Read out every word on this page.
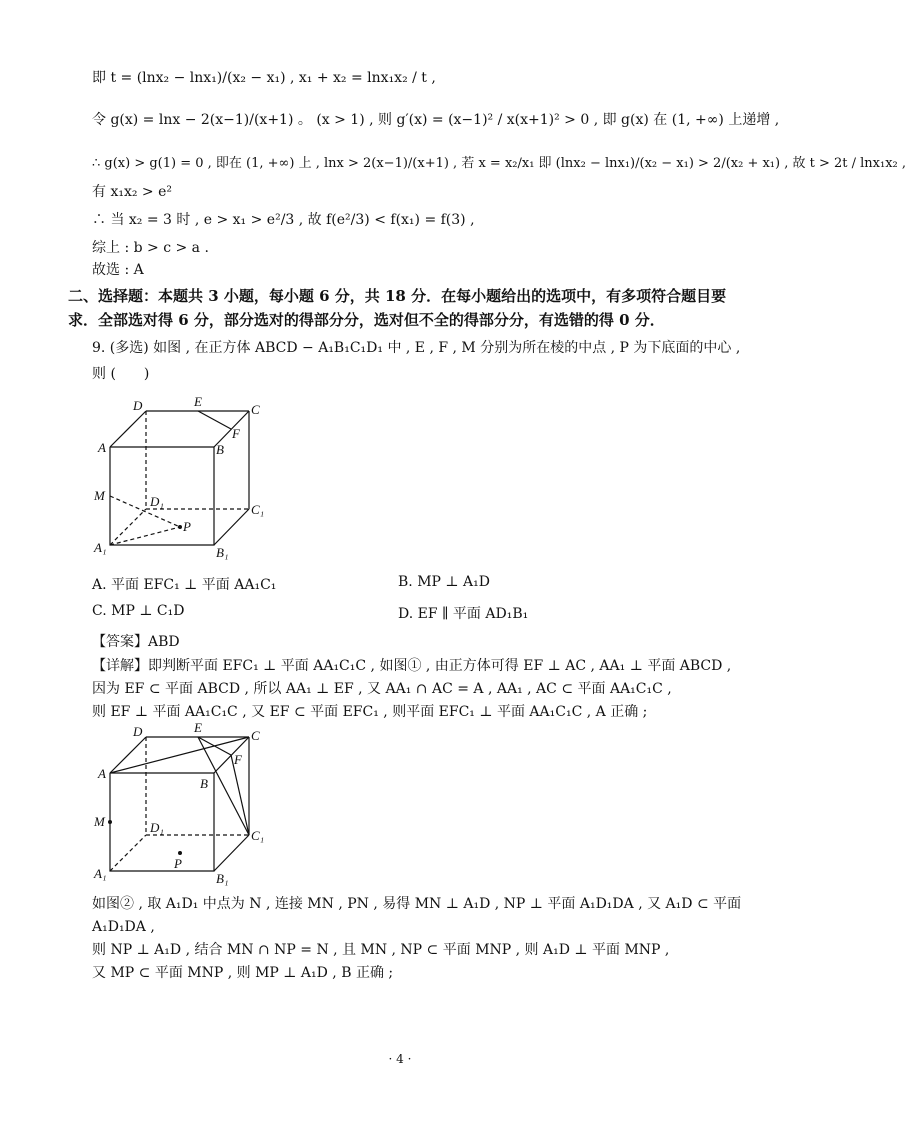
即 t = (lnx₂ − lnx₁)/(x₂ − x₁) , x₁ + x₂ = lnx₁x₂ / t ,
令 g(x) = lnx − 2(x−1)/(x+1) 。 (x > 1) , 则 g′(x) = (x−1)² / x(x+1)² > 0 , 即 g(x) 在 (1, +∞) 上递增 ,
∴ g(x) > g(1) = 0 , 即在 (1, +∞) 上 , lnx > 2(x−1)/(x+1) , 若 x = x₂/x₁ 即 (lnx₂ − lnx₁)/(x₂ − x₁) > 2/(x₂ + x₁) , 故 t > 2t / lnx₁x₂ ,
有 x₁x₂ > e²
∴ 当 x₂ = 3 时 , e > x₁ > e²/3 , 故 f(e²/3) < f(x₁) = f(3) ,
综上 : b > c > a .
故选 : A
二、选择题：本题共 3 小题，每小题 6 分，共 18 分．在每小题给出的选项中，有多项符合题目要
求．全部选对得 6 分，部分选对的得部分分，选对但不全的得部分分，有选错的得 0 分．
9. (多选) 如图 , 在正方体 ABCD − A₁B₁C₁D₁ 中 , E , F , M 分别为所在棱的中点 , P 为下底面的中心 ,
则 (　　)
D	E
C
F
A	B
M	D₁
C₁
P
A₁	B₁
A. 平面 EFC₁ ⊥ 平面 AA₁C₁	B. MP ⊥ A₁D
C. MP ⊥ C₁D	D. EF ∥ 平面 AD₁B₁
【答案】ABD
【详解】即判断平面 EFC₁ ⊥ 平面 AA₁C₁C , 如图① , 由正方体可得 EF ⊥ AC , AA₁ ⊥ 平面 ABCD ,
因为 EF ⊂ 平面 ABCD , 所以 AA₁ ⊥ EF , 又 AA₁ ∩ AC = A , AA₁ , AC ⊂ 平面 AA₁C₁C ,
则 EF ⊥ 平面 AA₁C₁C , 又 EF ⊂ 平面 EFC₁ , 则平面 EFC₁ ⊥ 平面 AA₁C₁C , A 正确 ;
D	E
C
F
A
B
M	D₁
C₁
P
A₁	B₁
如图② , 取 A₁D₁ 中点为 N , 连接 MN , PN , 易得 MN ⊥ A₁D , NP ⊥ 平面 A₁D₁DA , 又 A₁D ⊂ 平面
A₁D₁DA ,
则 NP ⊥ A₁D , 结合 MN ∩ NP = N , 且 MN , NP ⊂ 平面 MNP , 则 A₁D ⊥ 平面 MNP ,
又 MP ⊂ 平面 MNP , 则 MP ⊥ A₁D , B 正确 ;
· 4 ·
